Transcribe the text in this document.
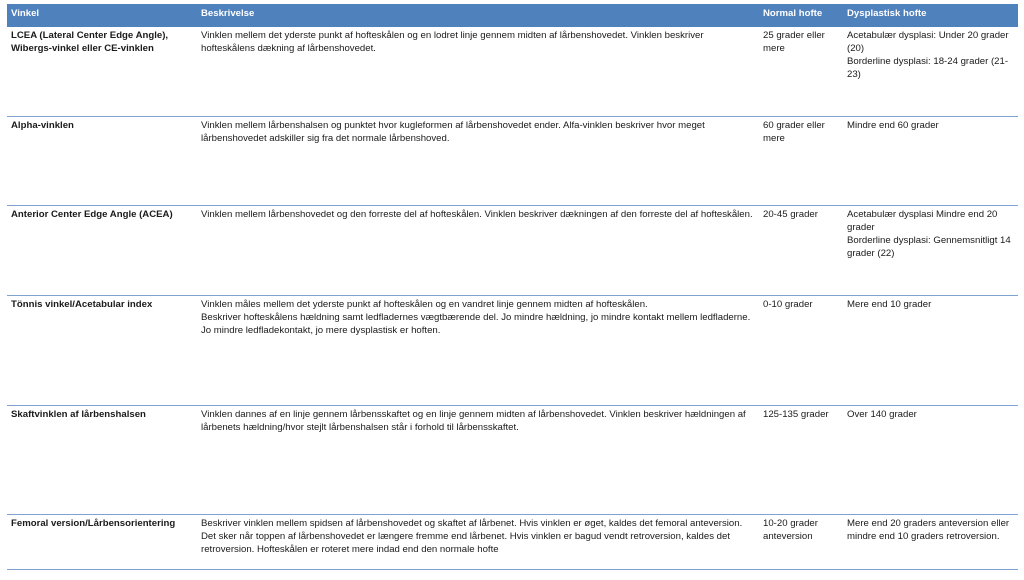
Vinkel	Beskrivelse	Normal hofte	Dysplastisk hofte
LCEA (Lateral Center Edge Angle), Wibergs-vinkel eller CE-vinklen	Vinklen mellem det yderste punkt af hofteskålen og en lodret linje gennem midten af lårbenshovedet. Vinklen beskriver hofteskålens dækning af lårbenshovedet.	25 grader eller mere	Acetabulær dysplasi: Under 20 grader (20)
Borderline dysplasi: 18-24 grader (21-23)

Alpha-vinklen	Vinklen mellem lårbenshalsen og punktet hvor kugleformen af lårbenshovedet ender. Alfa-vinklen beskriver hvor meget lårbenshovedet adskiller sig fra det normale lårbenshoved.	60 grader eller mere	Mindre end 60 grader

Anterior Center Edge Angle (ACEA)	Vinklen mellem lårbenshovedet og den forreste del af hofteskålen. Vinklen beskriver dækningen af den forreste del af hofteskålen.	20-45 grader	Acetabulær dysplasi Mindre end 20 grader
Borderline dysplasi: Gennemsnitligt 14 grader (22)

Tönnis vinkel/Acetabular index	Vinklen måles mellem det yderste punkt af hofteskålen og en vandret linje gennem midten af hofteskålen.
Beskriver hofteskålens hældning samt ledfladernes vægtbærende del. Jo mindre hældning, jo mindre kontakt mellem ledfladerne. Jo mindre ledfladekontakt, jo mere dysplastisk er hoften.	0-10 grader	Mere end 10 grader

Skaftvinklen af lårbenshalsen	Vinklen dannes af en linje gennem lårbensskaftet og en linje gennem midten af lårbenshovedet. Vinklen beskriver hældningen af lårbenets hældning/hvor stejlt lårbenshalsen står i forhold til lårbensskaftet.	125-135 grader	Over 140 grader

Femoral version/Lårbensorientering	Beskriver vinklen mellem spidsen af lårbenshovedet og skaftet af lårbenet. Hvis vinklen er øget, kaldes det femoral anteversion. Det sker når toppen af lårbenshovedet er længere fremme end lårbenet. Hvis vinklen er bagud vendt retroversion, kaldes det retroversion. Hofteskålen er roteret mere indad end den normale hofte	10-20 grader anteversion	Mere end 20 graders anteversion eller mindre end 10 graders retroversion.
